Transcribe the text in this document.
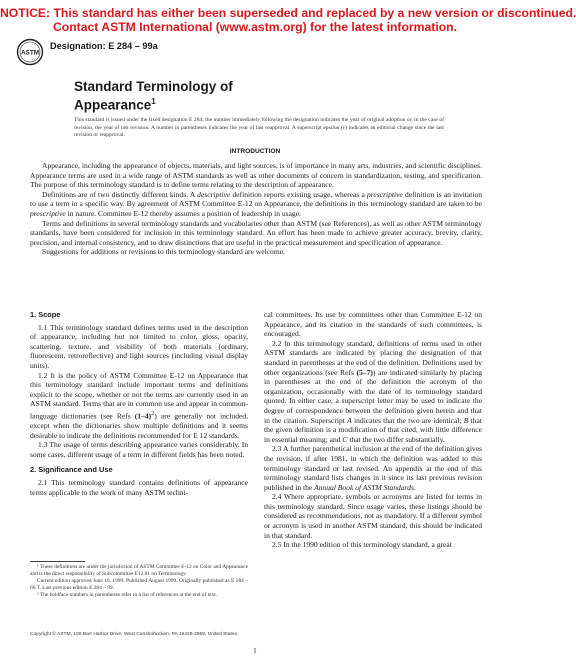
NOTICE: This standard has either been superseded and replaced by a new version or discontinued.
Contact ASTM International (www.astm.org) for the latest information.
ASTM
Designation: E 284 – 99a
Standard Terminology of
Appearance$^1$
This standard is issued under the fixed designation E 284; the number immediately following the designation indicates the year of original adoption or, in the case of revision, the year of last revision. A number in parentheses indicates the year of last reapproval. A superscript epsilon (ε) indicates an editorial change since the last revision or reapproval.
INTRODUCTION

Appearance, including the appearance of objects, materials, and light sources, is of importance in many arts, industries, and scientific disciplines. Appearance terms are used in a wide range of ASTM standards as well as other documents of concern in standardization, testing, and specification. The purpose of this terminology standard is to define terms relating to the description of appearance.

Definitions are of two distinctly different kinds. A descriptive definition reports existing usage, whereas a prescriptive definition is an invitation to use a term in a specific way. By agreement of ASTM Committee E-12 on Appearance, the definitions in this terminology standard are taken to be prescriptive in nature. Committee E-12 thereby assumes a position of leadership in usage.

Terms and definitions in several terminology standards and vocabularies other than ASTM (see References), as well as other ASTM terminology standards, have been considered for inclusion in this terminology standard. An effort has been made to achieve greater accuracy, brevity, clarity, precision, and internal consistency, and to draw distinctions that are useful in the practical measurement and specification of appearance.

Suggestions for additions or revisions to this terminology standard are welcome.

1. Scope

1.1 This terminology standard defines terms used in the description of appearance, including but not limited to color, gloss, opacity, scattering, texture, and visibility of both materials (ordinary, fluorescent, retroreflective) and light sources (including visual display units).

1.2 It is the policy of ASTM Committee E-12 on Appearance that this terminology standard include important terms and definitions explicit to the scope, whether or not the terms are currently used in an ASTM standard. Terms that are in common use and appear in common-language dictionaries (see Refs $(1-4)^2$) are generally not included, except when the dictionaries show multiple definitions and it seems desirable to indicate the definitions recommended for E 12 standards.

1.3 The usage of terms describing appearance varies considerably. In some cases, different usage of a term in different fields has been noted.

2. Significance and Use

2.1 This terminology standard contains definitions of appearance terms applicable to the work of many ASTM techni-

cal committees. Its use by committees other than Committee E-12 on Appearance, and its citation in the standards of such committees, is encouraged.

2.2 In this terminology standard, definitions of terms used in other ASTM standards are indicated by placing the designation of that standard in parentheses at the end of the definition. Definitions used by other organizations (see Refs (5–7)) are indicated similarly by placing in parentheses at the end of the definition the acronym of the organization, occasionally with the date of its terminology standard quoted. In either case, a superscript letter may be used to indicate the degree of correspondence between the definition given herein and that in the citation. Superscript A indicates that the two are identical; B that the given definition is a modification of that cited, with little difference in essential meaning; and C that the two differ substantially.

2.3 A further parenthetical inclusion at the end of the definition gives the revision, if after 1981, in which the definition was added to this terminology standard or last revised. An appendix at the end of this terminology standard lists changes in it since its last previous revision published in the Annual Book of ASTM Standards.

2.4 Where appropriate, symbols or acronyms are listed for terms in this terminology standard. Since usage varies, these listings should be considered as recommendations, not as mandatory. If a different symbol or acronym is used in another ASTM standard, this should be indicated in that standard.

2.5 In the 1990 edition of this terminology standard, a great

¹ These definitions are under the jurisdiction of ASTM Committee E-12 on Color and Appearance and is the direct responsibility of Subcommittee E12.01 on Terminology.

Current edition approved June 10, 1999. Published August 1999. Originally published as E 284 – 66 T. Last previous edition E 284 – 99.

² The boldface numbers in parentheses refer to a list of references at the end of text.

Copyright © ASTM, 100 Barr Harbor Drive, West Conshohocken, PA 19428-2959, United States.
1
